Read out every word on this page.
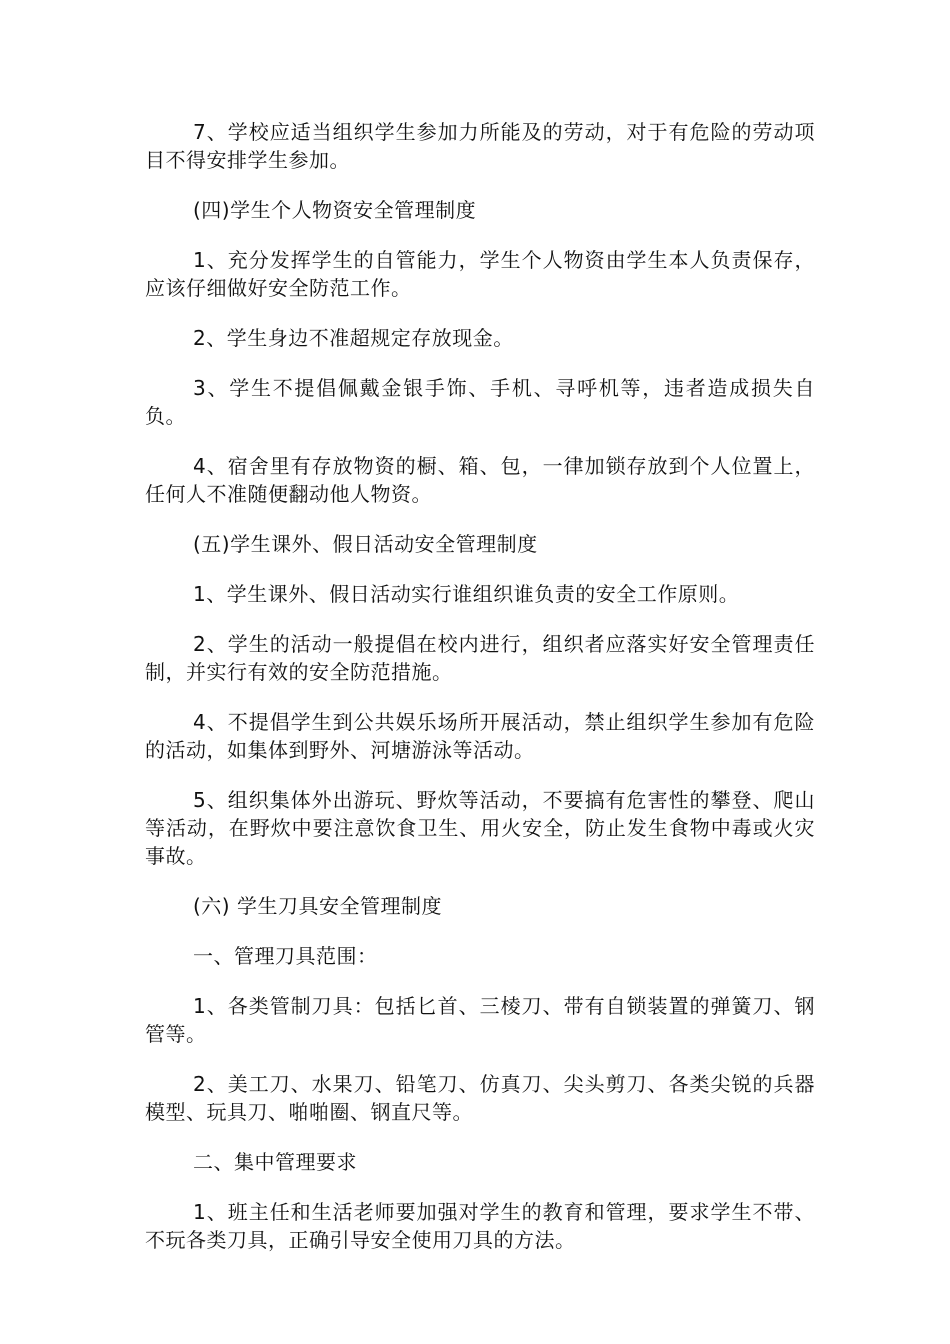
7、学校应适当组织学生参加力所能及的劳动，对于有危险的劳动项目不得安排学生参加。

(四)学生个人物资安全管理制度

1、充分发挥学生的自管能力，学生个人物资由学生本人负责保存，应该仔细做好安全防范工作。

2、学生身边不准超规定存放现金。

3、学生不提倡佩戴金银手饰、手机、寻呼机等，违者造成损失自负。

4、宿舍里有存放物资的橱、箱、包，一律加锁存放到个人位置上，任何人不准随便翻动他人物资。

(五)学生课外、假日活动安全管理制度

1、学生课外、假日活动实行谁组织谁负责的安全工作原则。

2、学生的活动一般提倡在校内进行，组织者应落实好安全管理责任制，并实行有效的安全防范措施。

4、不提倡学生到公共娱乐场所开展活动，禁止组织学生参加有危险的活动，如集体到野外、河塘游泳等活动。

5、组织集体外出游玩、野炊等活动，不要搞有危害性的攀登、爬山等活动，在野炊中要注意饮食卫生、用火安全，防止发生食物中毒或火灾事故。

(六) 学生刀具安全管理制度

一、管理刀具范围：

1、各类管制刀具：包括匕首、三棱刀、带有自锁装置的弹簧刀、钢管等。

2、美工刀、水果刀、铅笔刀、仿真刀、尖头剪刀、各类尖锐的兵器模型、玩具刀、啪啪圈、钢直尺等。

二、集中管理要求

1、班主任和生活老师要加强对学生的教育和管理，要求学生不带、不玩各类刀具，正确引导安全使用刀具的方法。
